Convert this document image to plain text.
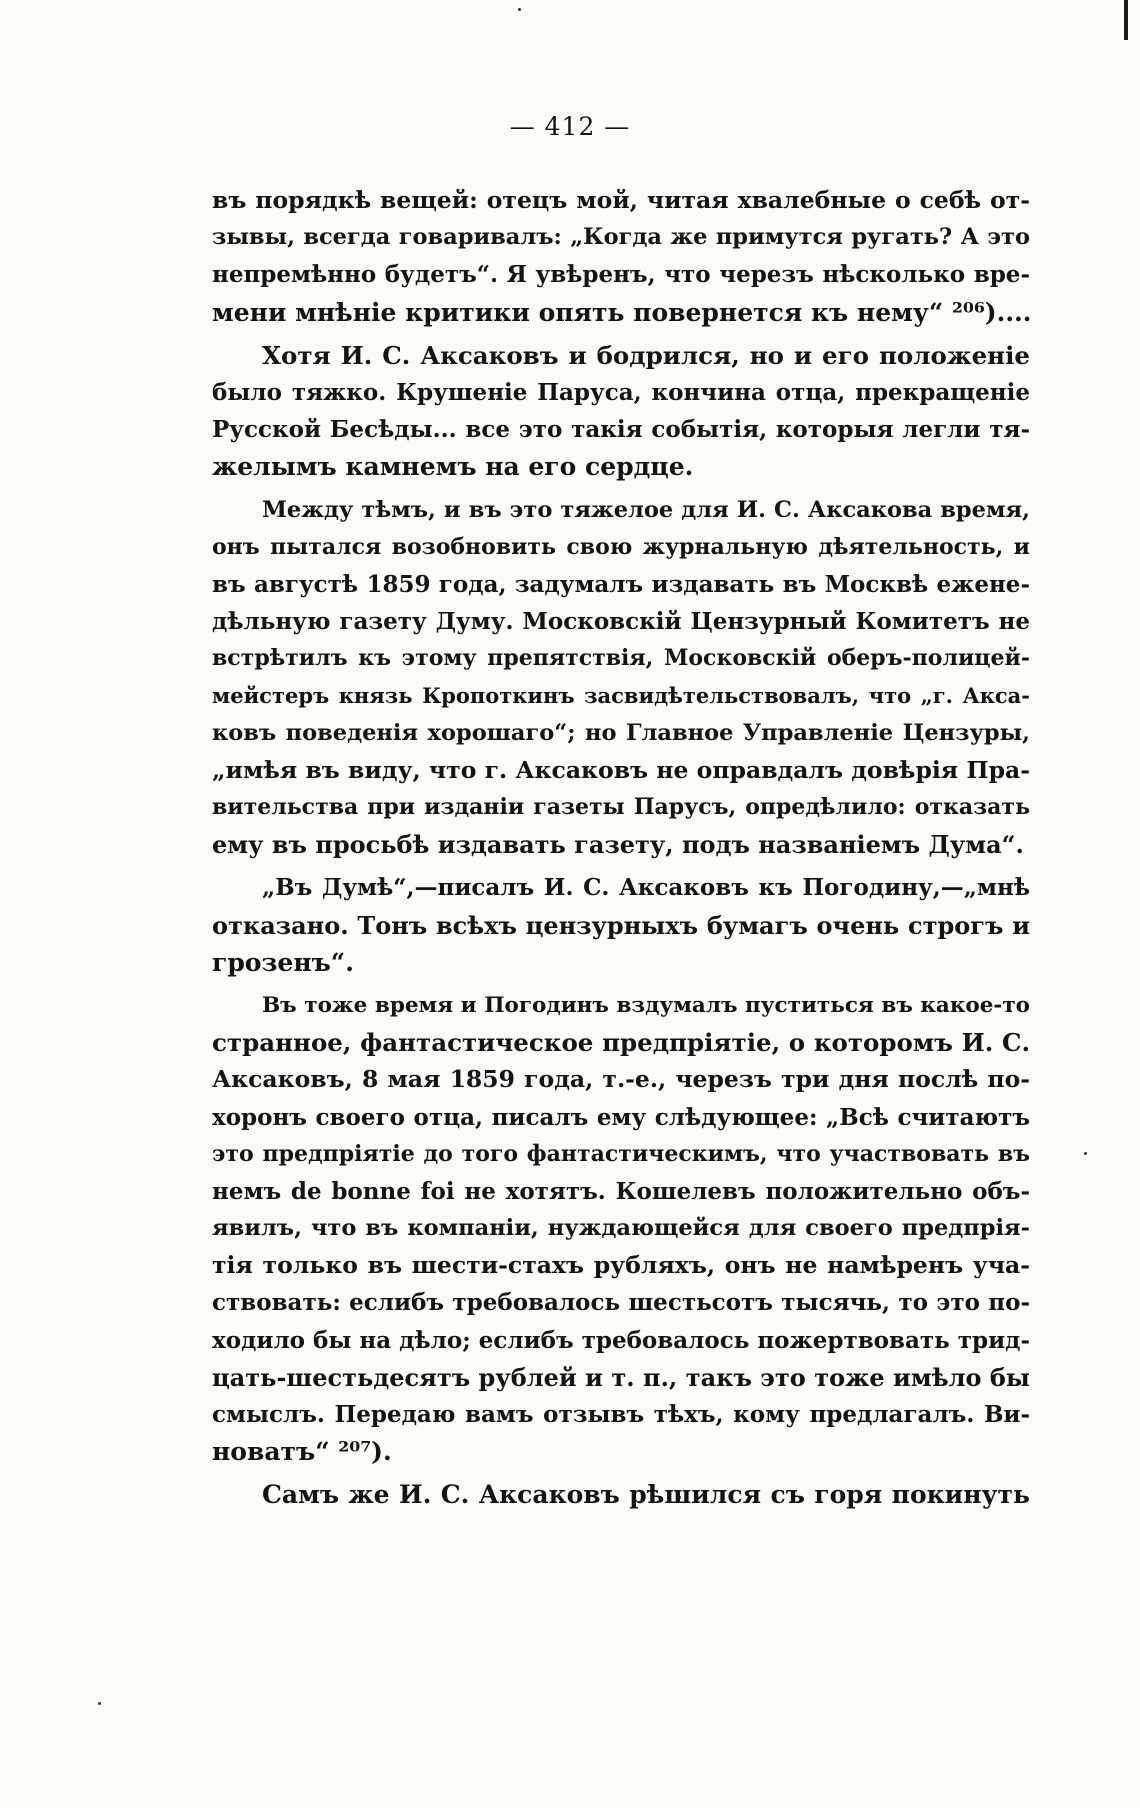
— 412 —
въ порядкѣ вещей: отецъ мой, читая хвалебные о себѣ от-
зывы, всегда говаривалъ: „Когда же примутся ругать? А это
непремѣнно будетъ“. Я увѣренъ, что черезъ нѣсколько вре-
мени мнѣніе критики опять повернется къ нему“ ²⁰⁶)....
Хотя И. С. Аксаковъ и бодрился, но и его положеніе
было тяжко. Крушеніе Паруса, кончина отца, прекращеніе
Русской Бесѣды... все это такія событія, которыя легли тя-
желымъ камнемъ на его сердце.
Между тѣмъ, и въ это тяжелое для И. С. Аксакова время,
онъ пытался возобновить свою журнальную дѣятельность, и
въ августѣ 1859 года, задумалъ издавать въ Москвѣ еженe-
дѣльную газету Думу. Московскій Цензурный Комитетъ не
встрѣтилъ къ этому препятствія, Московскій оберъ-полицей-
мейстеръ князь Кропоткинъ засвидѣтельствовалъ, что „г. Акса-
ковъ поведенія хорошаго“; но Главное Управленіе Цензуры,
„имѣя въ виду, что г. Аксаковъ не оправдалъ довѣрія Пра-
вительства при изданіи газеты Парусъ, опредѣлило: отказать
ему въ просьбѣ издавать газету, подъ названіемъ Дума“.
„Въ Думѣ“,—писалъ И. С. Аксаковъ къ Погодину,—„мнѣ
отказано. Тонъ всѣхъ цензурныхъ бумагъ очень строгъ и
грозенъ“.
Въ тоже время и Погодинъ вздумалъ пуститься въ какое-то
странное, фантастическое предпріятіе, о которомъ И. С.
Аксаковъ, 8 мая 1859 года, т.-е., черезъ три дня послѣ по-
хоронъ своего отца, писалъ ему слѣдующее: „Всѣ считаютъ
это предпріятіе до того фантастическимъ, что участвовать въ
немъ de bonne foi не хотятъ. Кошелевъ положительно объ-
явилъ, что въ компаніи, нуждающейся для своего предпрія-
тія только въ шести-стахъ рубляхъ, онъ не намѣренъ уча-
ствовать: еслибъ требовалось шестьсотъ тысячь, то это по-
ходило бы на дѣло; еслибъ требовалось пожертвовать трид-
цать-шестьдесятъ рублей и т. п., такъ это тоже имѣло бы
смыслъ. Передаю вамъ отзывъ тѣхъ, кому предлагалъ. Ви-
новатъ“ ²⁰⁷).
Самъ же И. С. Аксаковъ рѣшился съ горя покинуть
